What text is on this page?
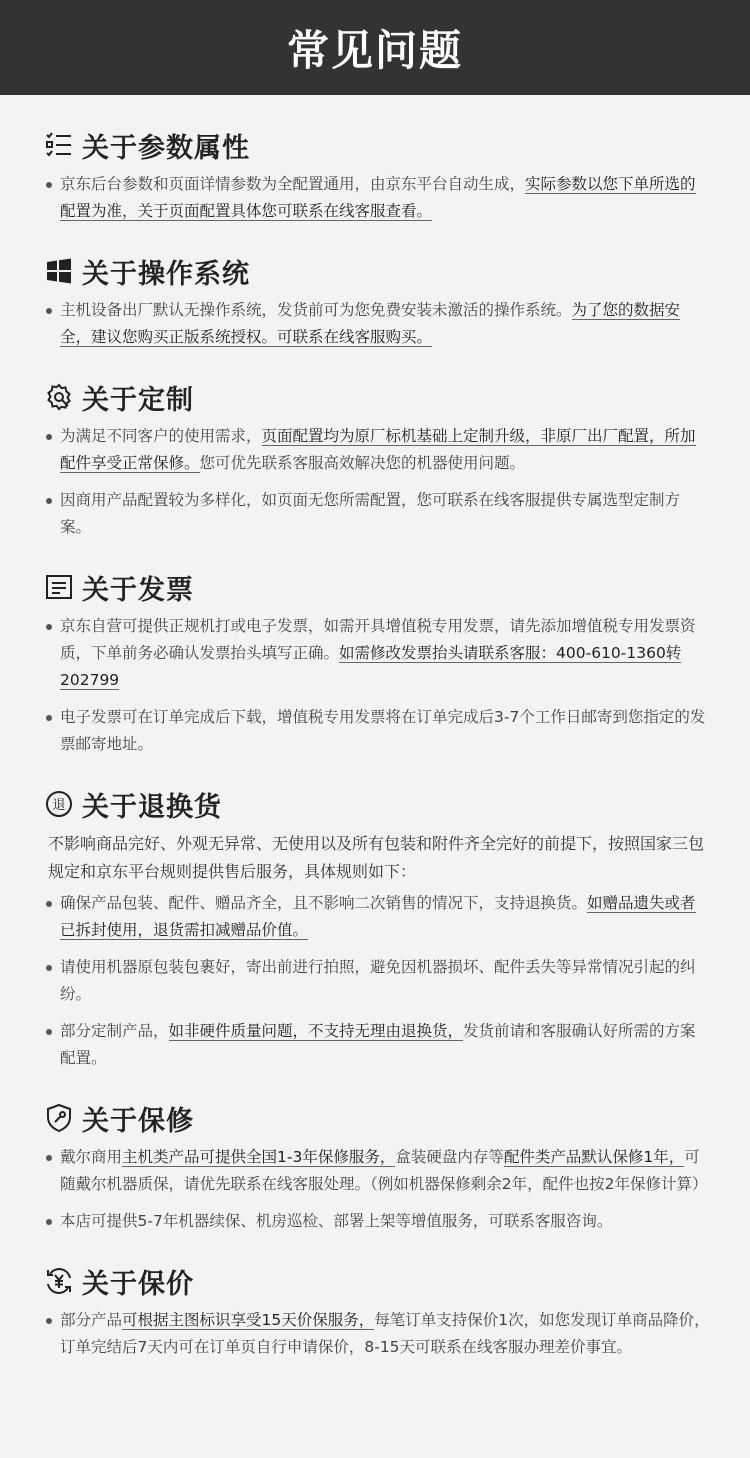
常见问题
关于参数属性
京东后台参数和页面详情参数为全配置通用，由京东平台自动生成，实际参数以您下单所选的配置为准，关于页面配置具体您可联系在线客服查看。
关于操作系统
主机设备出厂默认无操作系统，发货前可为您免费安装未激活的操作系统。为了您的数据安全，建议您购买正版系统授权。可联系在线客服购买。
关于定制
为满足不同客户的使用需求，页面配置均为原厂标机基础上定制升级，非原厂出厂配置，所加配件享受正常保修。您可优先联系客服高效解决您的机器使用问题。
因商用产品配置较为多样化，如页面无您所需配置，您可联系在线客服提供专属选型定制方案。
关于发票
京东自营可提供正规机打或电子发票，如需开具增值税专用发票，请先添加增值税专用发票资质，下单前务必确认发票抬头填写正确。如需修改发票抬头请联系客服：400-610-1360转202799
电子发票可在订单完成后下载，增值税专用发票将在订单完成后3-7个工作日邮寄到您指定的发票邮寄地址。
退 关于退换货
不影响商品完好、外观无异常、无使用以及所有包装和附件齐全完好的前提下，按照国家三包规定和京东平台规则提供售后服务，具体规则如下：
确保产品包装、配件、赠品齐全，且不影响二次销售的情况下，支持退换货。如赠品遗失或者已拆封使用，退货需扣减赠品价值。
请使用机器原包装包裹好，寄出前进行拍照，避免因机器损坏、配件丢失等异常情况引起的纠纷。
部分定制产品，如非硬件质量问题，不支持无理由退换货，发货前请和客服确认好所需的方案配置。
关于保修
戴尔商用主机类产品可提供全国1-3年保修服务，盒装硬盘内存等配件类产品默认保修1年，可随戴尔机器质保，请优先联系在线客服处理。（例如机器保修剩余2年，配件也按2年保修计算）
本店可提供5-7年机器续保、机房巡检、部署上架等增值服务，可联系客服咨询。
关于保价
部分产品可根据主图标识享受15天价保服务，每笔订单支持保价1次，如您发现订单商品降价，订单完结后7天内可在订单页自行申请保价，8-15天可联系在线客服办理差价事宜。
